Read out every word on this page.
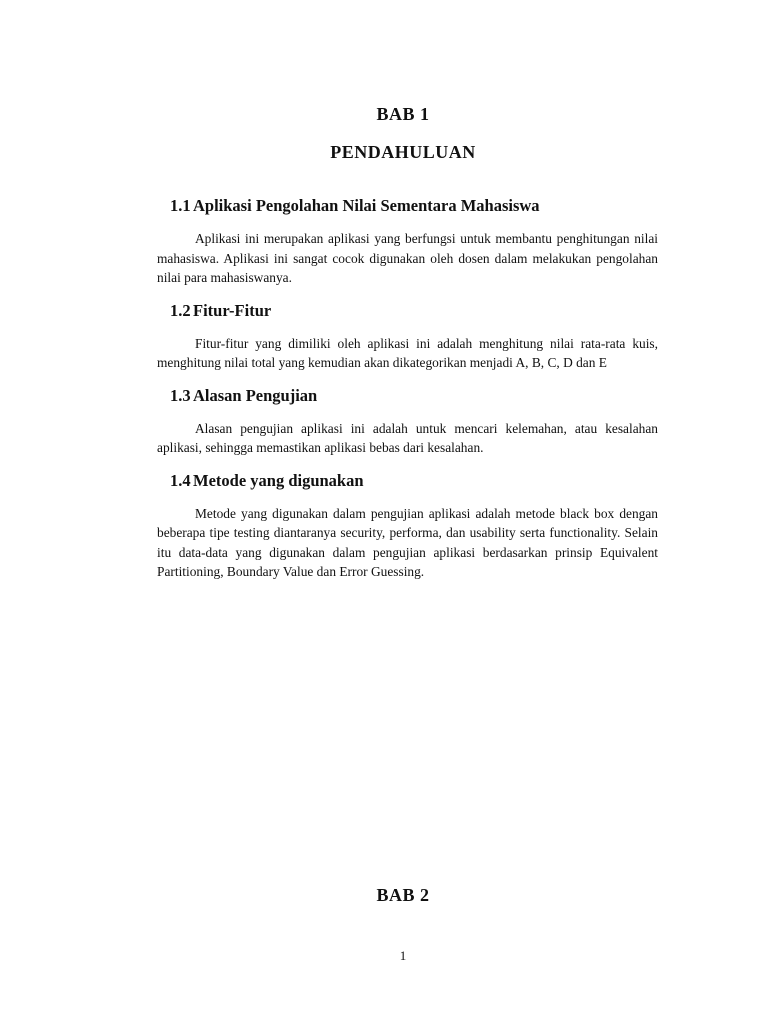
BAB 1
PENDAHULUAN
1.1 Aplikasi Pengolahan Nilai Sementara Mahasiswa

Aplikasi ini merupakan aplikasi yang berfungsi untuk membantu penghitungan nilai mahasiswa. Aplikasi ini sangat cocok digunakan oleh dosen dalam melakukan pengolahan nilai para mahasiswanya.

1.2 Fitur-Fitur

Fitur-fitur yang dimiliki oleh aplikasi ini adalah menghitung nilai rata-rata kuis, menghitung nilai total yang kemudian akan dikategorikan menjadi A, B, C, D dan E

1.3 Alasan Pengujian

Alasan pengujian aplikasi ini adalah untuk mencari kelemahan, atau kesalahan aplikasi, sehingga memastikan aplikasi bebas dari kesalahan.

1.4 Metode yang digunakan

Metode yang digunakan dalam pengujian aplikasi adalah metode black box dengan beberapa tipe testing diantaranya security, performa, dan usability serta functionality. Selain itu data-data yang digunakan dalam pengujian aplikasi berdasarkan prinsip Equivalent Partitioning, Boundary Value dan Error Guessing.

BAB 2
1
